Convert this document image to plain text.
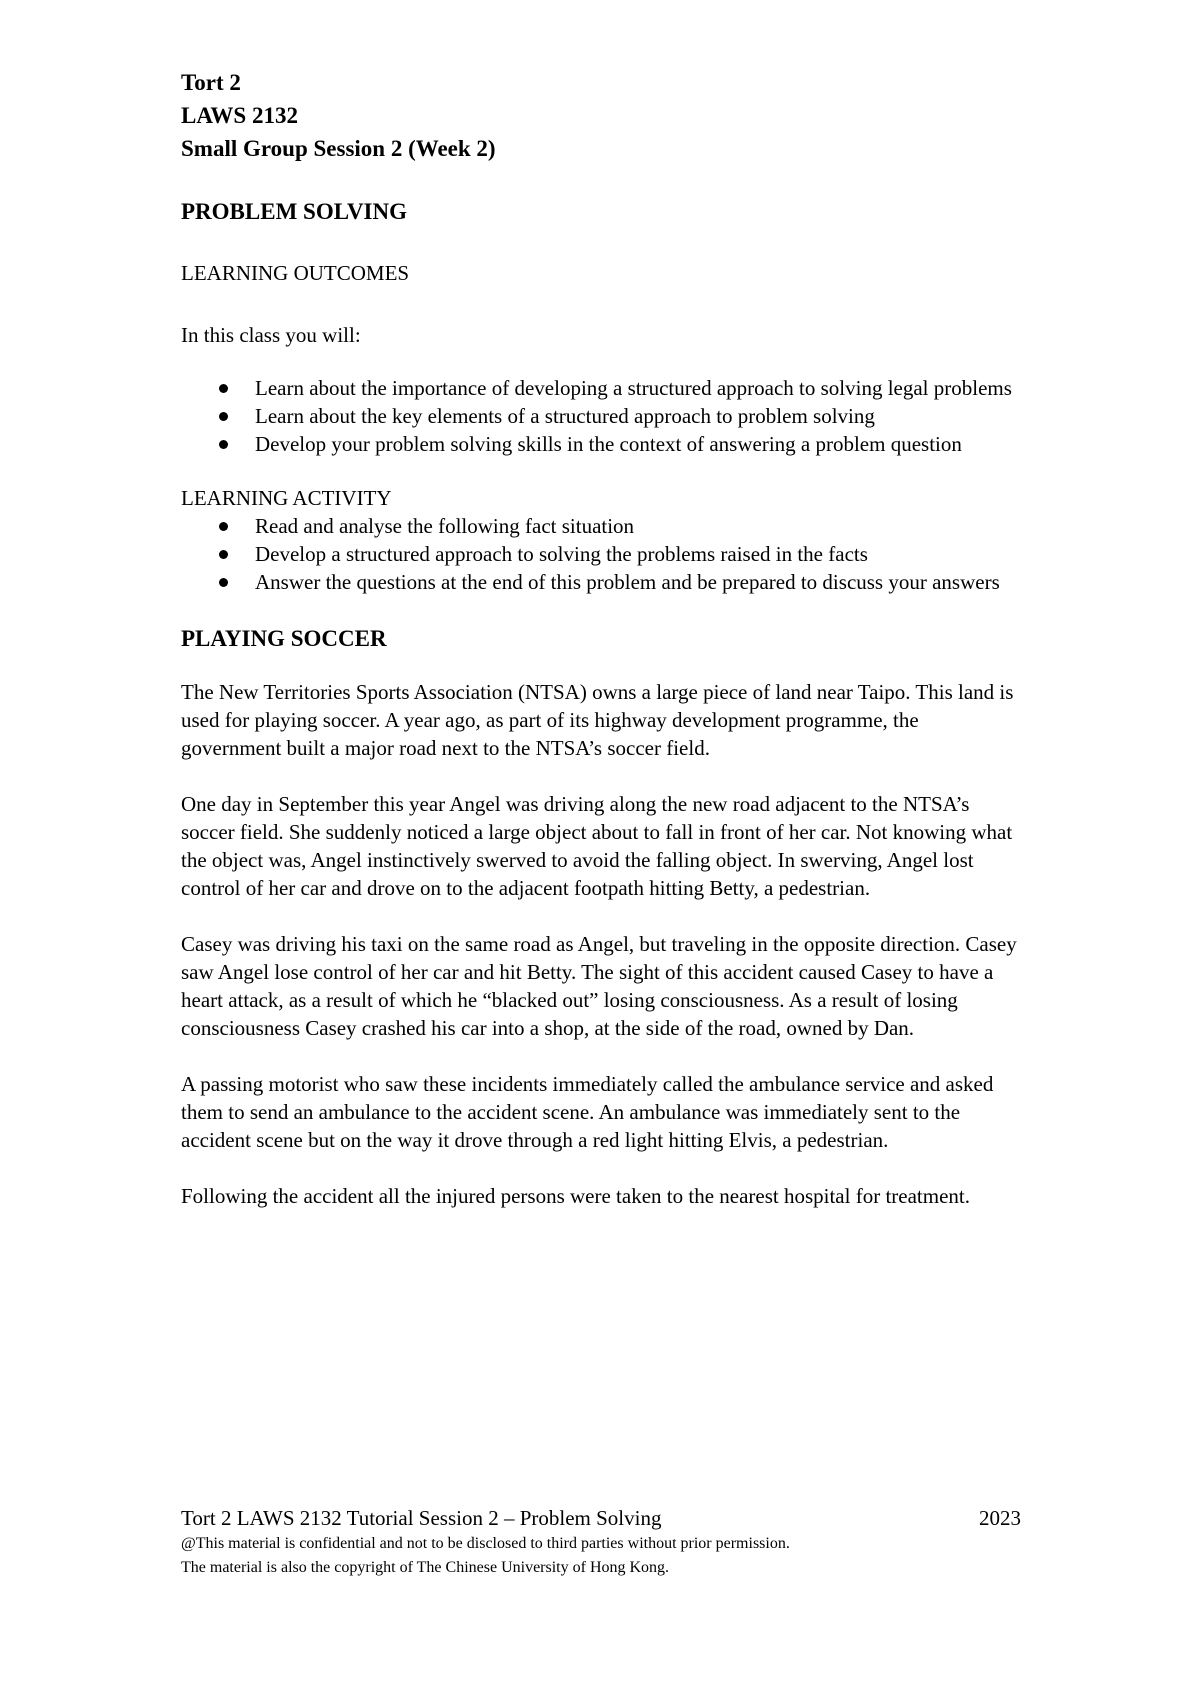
Tort 2

LAWS 2132

Small Group Session 2 (Week 2)

PROBLEM SOLVING

LEARNING OUTCOMES

In this class you will:

Learn about the importance of developing a structured approach to solving legal problems
Learn about the key elements of a structured approach to problem solving
Develop your problem solving skills in the context of answering a problem question

LEARNING ACTIVITY

Read and analyse the following fact situation
Develop a structured approach to solving the problems raised in the facts
Answer the questions at the end of this problem and be prepared to discuss your answers

PLAYING SOCCER

The New Territories Sports Association (NTSA) owns a large piece of land near Taipo. This land is used for playing soccer. A year ago, as part of its highway development programme, the government built a major road next to the NTSA’s soccer field.

One day in September this year Angel was driving along the new road adjacent to the NTSA’s soccer field. She suddenly noticed a large object about to fall in front of her car. Not knowing what the object was, Angel instinctively swerved to avoid the falling object. In swerving, Angel lost control of her car and drove on to the adjacent footpath hitting Betty, a pedestrian.

Casey was driving his taxi on the same road as Angel, but traveling in the opposite direction. Casey saw Angel lose control of her car and hit Betty. The sight of this accident caused Casey to have a heart attack, as a result of which he “blacked out” losing consciousness. As a result of losing consciousness Casey crashed his car into a shop, at the side of the road, owned by Dan.

A passing motorist who saw these incidents immediately called the ambulance service and asked them to send an ambulance to the accident scene. An ambulance was immediately sent to the accident scene but on the way it drove through a red light hitting Elvis, a pedestrian.

Following the accident all the injured persons were taken to the nearest hospital for treatment.

Tort 2 LAWS 2132 Tutorial Session 2 – Problem Solving	2023
@This material is confidential and not to be disclosed to third parties without prior permission.
The material is also the copyright of The Chinese University of Hong Kong.
